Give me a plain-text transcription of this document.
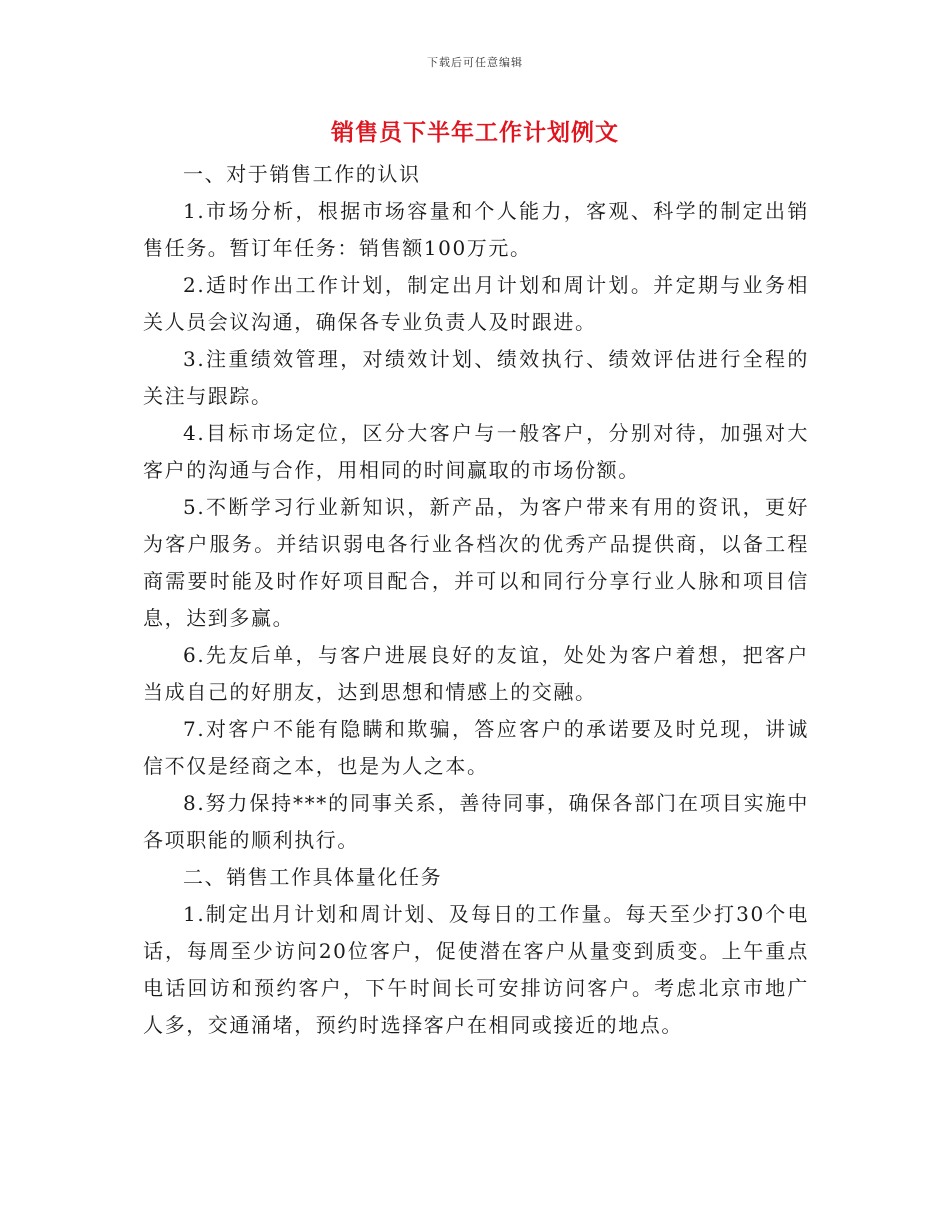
下载后可任意编辑
销售员下半年工作计划例文

一、对于销售工作的认识

1.市场分析，根据市场容量和个人能力，客观、科学的制定出销售任务。暂订年任务：销售额100万元。

2.适时作出工作计划，制定出月计划和周计划。并定期与业务相关人员会议沟通，确保各专业负责人及时跟进。

3.注重绩效管理，对绩效计划、绩效执行、绩效评估进行全程的关注与跟踪。

4.目标市场定位，区分大客户与一般客户，分别对待，加强对大客户的沟通与合作，用相同的时间赢取的市场份额。

5.不断学习行业新知识，新产品，为客户带来有用的资讯，更好为客户服务。并结识弱电各行业各档次的优秀产品提供商，以备工程商需要时能及时作好项目配合，并可以和同行分享行业人脉和项目信息，达到多赢。

6.先友后单，与客户进展良好的友谊，处处为客户着想，把客户当成自己的好朋友，达到思想和情感上的交融。

7.对客户不能有隐瞒和欺骗，答应客户的承诺要及时兑现，讲诚信不仅是经商之本，也是为人之本。

8.努力保持***的同事关系，善待同事，确保各部门在项目实施中各项职能的顺利执行。

二、销售工作具体量化任务

1.制定出月计划和周计划、及每日的工作量。每天至少打30个电话，每周至少访问20位客户，促使潜在客户从量变到质变。上午重点电话回访和预约客户，下午时间长可安排访问客户。考虑北京市地广人多，交通涌堵，预约时选择客户在相同或接近的地点。
